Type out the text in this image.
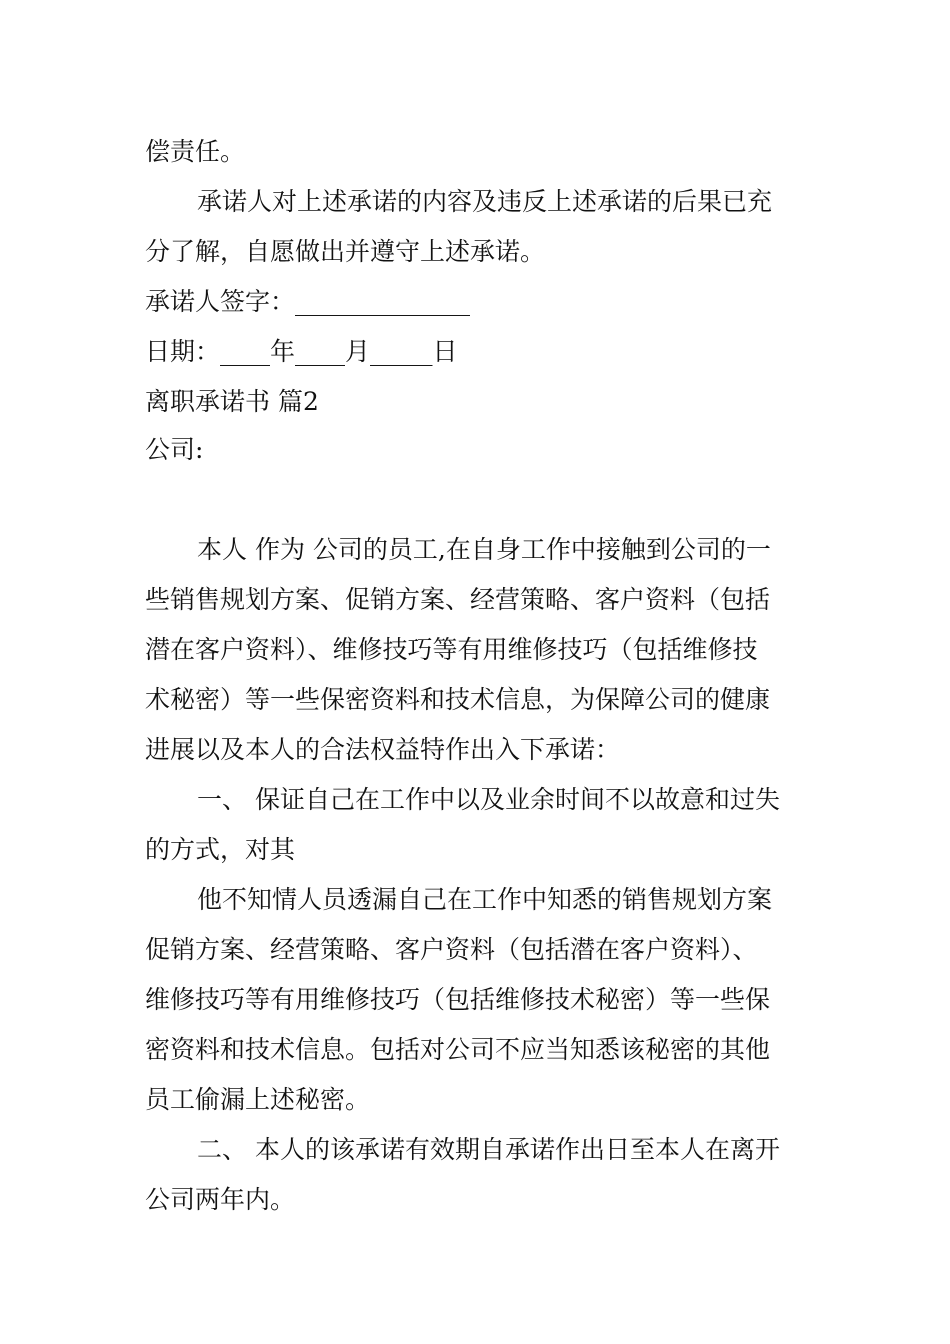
偿责任。
承诺人对上述承诺的内容及违反上述承诺的后果已充
分了解，自愿做出并遵守上述承诺。
承诺人签字：______________
日期：____年____月_____日
离职承诺书 篇2
公司:
本人 作为 公司的员工,在自身工作中接触到公司的一
些销售规划方案、促销方案、经营策略、客户资料（包括
潜在客户资料）、维修技巧等有用维修技巧（包括维修技
术秘密）等一些保密资料和技术信息，为保障公司的健康
进展以及本人的合法权益特作出入下承诺：
一、 保证自己在工作中以及业余时间不以故意和过失
的方式，对其
他不知情人员透漏自己在工作中知悉的销售规划方案
促销方案、经营策略、客户资料（包括潜在客户资料）、
维修技巧等有用维修技巧（包括维修技术秘密）等一些保
密资料和技术信息。包括对公司不应当知悉该秘密的其他
员工偷漏上述秘密。
二、 本人的该承诺有效期自承诺作出日至本人在离开
公司两年内。
